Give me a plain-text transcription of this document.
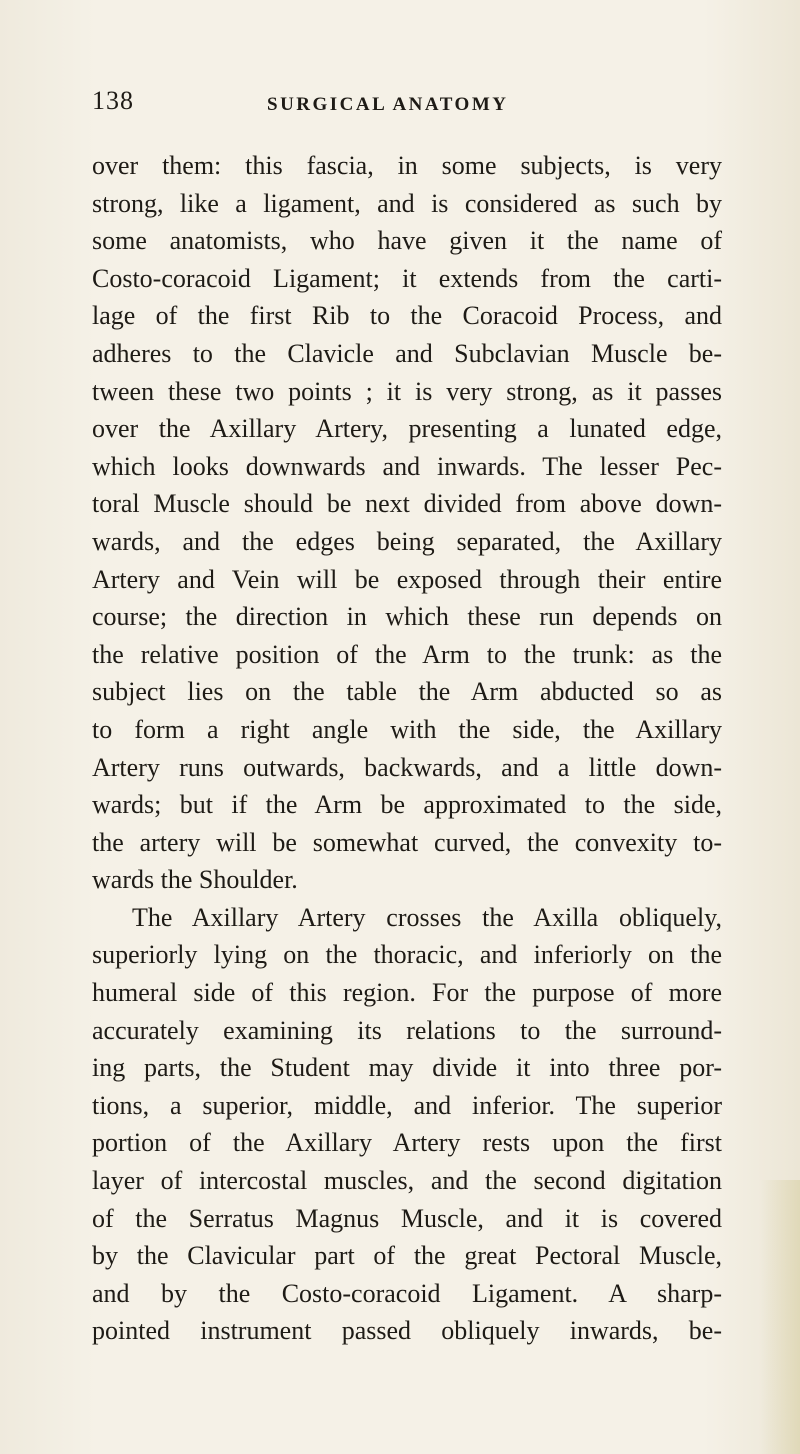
138	SURGICAL ANATOMY
over them: this fascia, in some subjects, is very
strong, like a ligament, and is considered as such by
some anatomists, who have given it the name of
Costo-coracoid Ligament; it extends from the carti-
lage of the first Rib to the Coracoid Process, and
adheres to the Clavicle and Subclavian Muscle be-
tween these two points ; it is very strong, as it passes
over the Axillary Artery, presenting a lunated edge,
which looks downwards and inwards. The lesser Pec-
toral Muscle should be next divided from above down-
wards, and the edges being separated, the Axillary
Artery and Vein will be exposed through their entire
course; the direction in which these run depends on
the relative position of the Arm to the trunk: as the
subject lies on the table the Arm abducted so as
to form a right angle with the side, the Axillary
Artery runs outwards, backwards, and a little down-
wards; but if the Arm be approximated to the side,
the artery will be somewhat curved, the convexity to-
wards the Shoulder.
The Axillary Artery crosses the Axilla obliquely,
superiorly lying on the thoracic, and inferiorly on the
humeral side of this region. For the purpose of more
accurately examining its relations to the surround-
ing parts, the Student may divide it into three por-
tions, a superior, middle, and inferior. The superior
portion of the Axillary Artery rests upon the first
layer of intercostal muscles, and the second digitation
of the Serratus Magnus Muscle, and it is covered
by the Clavicular part of the great Pectoral Muscle,
and by the Costo-coracoid Ligament. A sharp-
pointed instrument passed obliquely inwards, be-
